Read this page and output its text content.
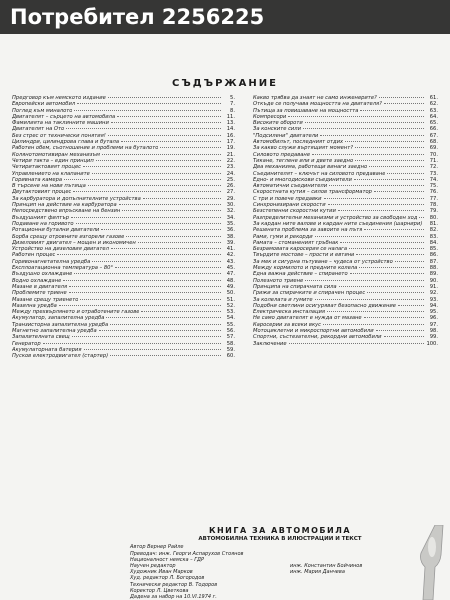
Потребител 2256225
СЪДЪРЖАНИЕ
Предговор към немското издание	5.
Европейски автомобил	7.
Поглед към миналото	8.
Двигателят – сърцето на автомобила	11.
Фамилията на таклинните машини	13.
Двигателят на Ото	14.
Без стрес от технически понятия!	16.
Цилиндри, цилиндрова глава и бутала	17.
Работен обем, съотношение и проблеми на буталото	19.
Колянотомотивиран механизъм	21.
Четири такта – един принцип	22.
Четиритактовият процес	23.
Управлението на клапаните	24.
Горивната камера	25.
В търсене на нови пътища	26.
Двутактовият процес	27.
За карбуратора и допълнителните устройства	29.
Принцип на действие на карбуратора	30.
Непосредствено впръскване на бензин	32.
Въздушният филтър	34.
Подаване на горивото	35.
Ротационни бутални двигатели	36.
Борба срещу отровните изгорели газове	38.
Дизеловият двигател – мощен и икономичен	39.
Устройство на дизеловия двигател	41.
Работен процес	42.
Горивонагнетателна уредба	43.
Експлоатационна температура – 80°	45.
Въздушно охлаждане	47.
Водно охлаждане	48.
Мазане в двигателя	49.
Проблемите триене	50.
Мазане срещу триенето	51.
Мазилна уредба	52.
Между прехвърлянето и отработените газове	53.
Акумулатор, запалителна уредба	54.
Транзисторна запалителна уредба	55.
Магнетно запалителна уредба	56.
Запалителната свещ	57.
Генератор	58.
Акумулаторната батерия	59.
Пусков електродвигател (стартер)	60.
Какво трябва да знаят не само инженерите?	61.
Откъде се получава мощността на двигателя?	62.
Пътища за повишаване на мощността	63.
Компресори	64.
Високите обороти	65.
За конските сили	66.
"Подсилени" двигатели	67.
Автомобилът, последният отдих	68.
За какво служи въртящият момент?	69.
Силовото предаване	70.
Тикане, теглене или и двете заедно	71.
Два механизма, работещи винаги заедно	72.
Съединителят – ключът на силовото предаване	73.
Едно- и многодискови съединители	74.
Автоматични съединители	75.
Скоростната кутия – силов трансформатор	76.
С три и повече предавки	77.
Синхронизирани скорости	78.
Безстепенни скоростни кутии	79.
Разпределителни механизми и устройство за свободен ход	80.
За кардан ните валове и кардан ните съединения (шарнири)	81.
Решената проблема за завоите на пътя	82.
Рами, гуми и рекорди	83.
Рамата – стоманеният гръбнак	84.
Безрамовата каросерия се налага	85.
Твърдите мостове – прости и евтини	86.
За мек и сигурна пътуване – чудеса от устройство	87.
Между кормилото и предните колела	88.
Една важна действие – спирането	89.
Полезното триене	90.
Принципа на спирачната сила	91.
Грижи за спирачките и спирачен процес	92.
За колелата и гумите	93.
Подобни светлини осигуряват безопасно движение	94.
Електрическа инсталация	95.
Не само двигателят е нужда от мазане	96.
Каросерии за всеки вкус	97.
Мотоциклетни и микроспортни автомобили	98.
Спортни, състезателни, рекордни автомобили	99.
Заключение	100.
КНИГА ЗА АВТОМОБИЛА
АВТОМОБИЛНА ТЕХНИКА В ИЛЮСТРАЦИИ И ТЕКСТ
Автор Вернер Райле
Преводач: инж. Георги Аспарухов Стоянов
Националност немска – ГДР
Научен редактор	инж. Константин Бойчинов
Художник Иван Марков	инж. Мария Данчева
Худ. редактор Л. Богородов
Технически редактор В. Тодоров
Коректор Л. Цветкова
Дадена за набор на 10.VI.1974 г.
